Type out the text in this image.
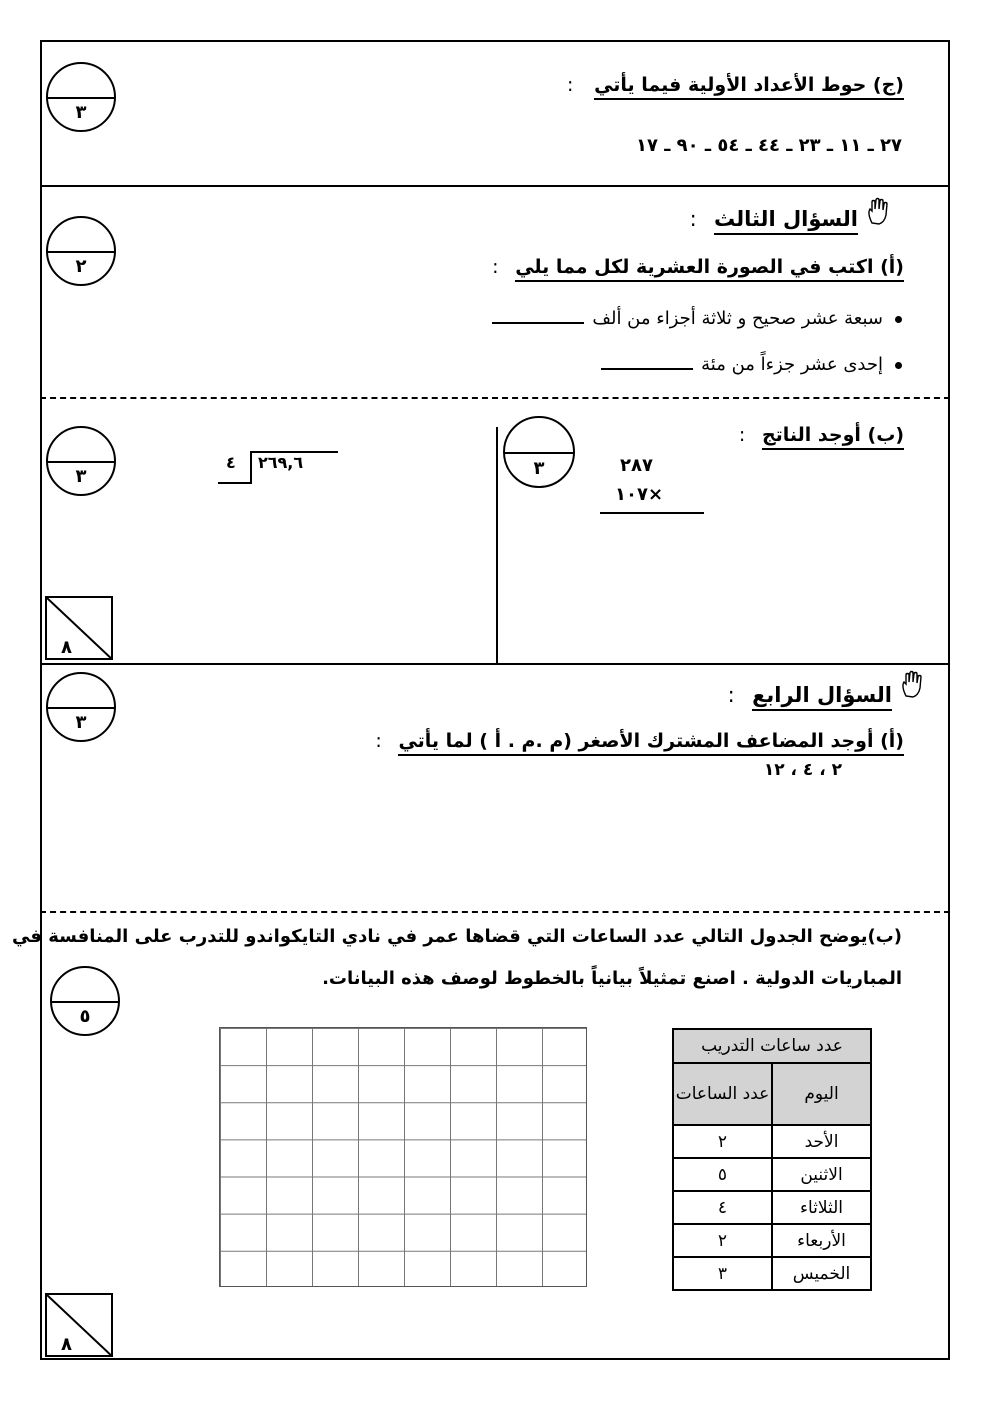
٣
(ج) حوط الأعداد الأولية فيما يأتي :
٢٧ ـ ١١ ـ ٢٣ ـ ٤٤ ـ ٥٤ ـ ٩٠ ـ ١٧
٢
السؤال الثالث :
(أ) اكتب في الصورة العشرية لكل مما يلي :
سبعة عشر صحيح و ثلاثة أجزاء من ألف
إحدى عشر جزءاً من مئة
٣	٣
(ب) أوجد الناتج :
٢٨٧
×١٠٧
٤ ٢٦٩,٦
٨
٣
السؤال الرابع :
(أ) أوجد المضاعف المشترك الأصغر (م .م . أ ) لما يأتي :
٢ ، ٤ ، ١٢
(ب)يوضح الجدول التالي عدد الساعات التي قضاها عمر في نادي التايكواندو للتدرب على المنافسة في
المباريات الدولية . اصنع تمثيلاً بيانياً بالخطوط لوصف هذه البيانات.
٥
عدد ساعات التدريب	
اليوم	عدد الساعات
الأحد	٢
الاثنين	٥
الثلاثاء	٤
الأربعاء	٢
الخميس	٣
٨
